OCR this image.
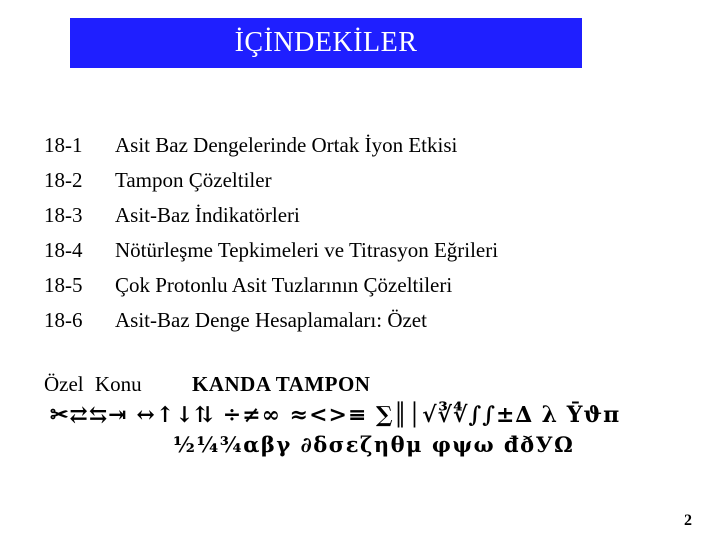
İÇİNDEKİLER
18-1	Asit Baz Dengelerinde Ortak İyon Etkisi
18-2	Tampon Çözeltiler
18-3	Asit-Baz İndikatörleri
18-4	Nötürleşme Tepkimeleri ve Titrasyon Eğrileri
18-5	Çok Protonlu Asit Tuzlarının Çözeltileri
18-6	Asit-Baz Denge Hesaplamaları: Özet
Özel Konu KANDA TAMPON
✂⇄⇆⇥ ↔↑↓⇅ ÷≠∞ ≈<>≡ ∑║│√∛∜∫∫±∆ λ Ȳϑπ
½¼¾αβγ ∂δσεζηθμ φψω đðУΩ
2
